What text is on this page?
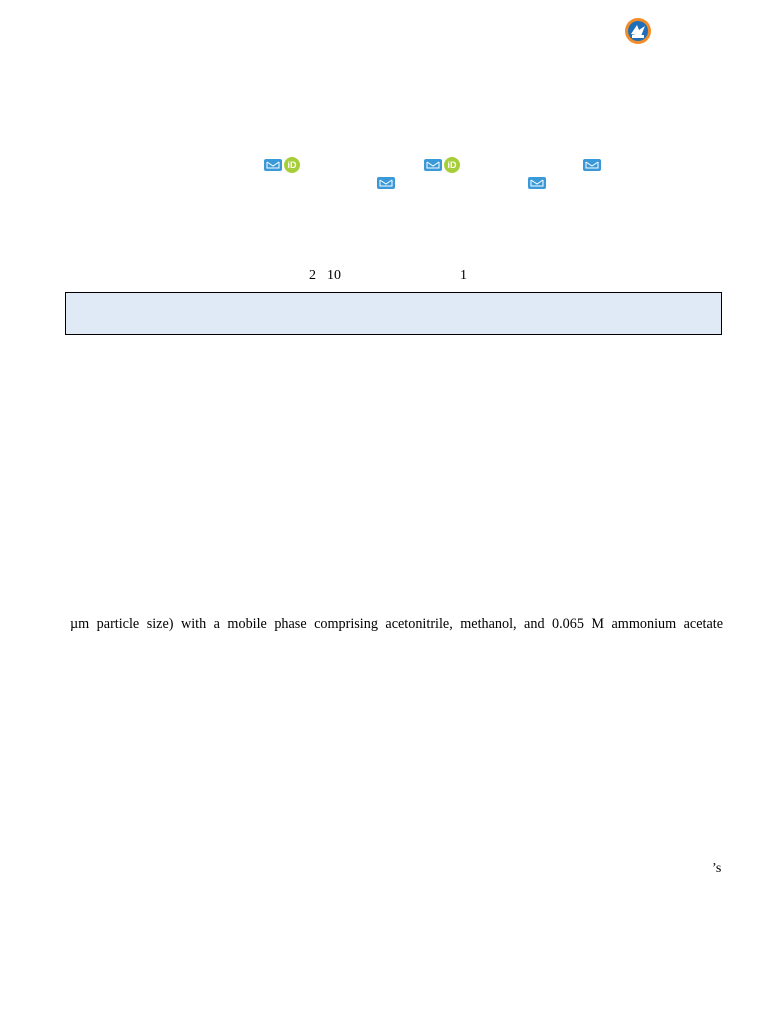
iD	iD
2 10	1
µm particle size) with a mobile phase comprising acetonitrile, methanol, and 0.065 M ammonium acetate
’s
